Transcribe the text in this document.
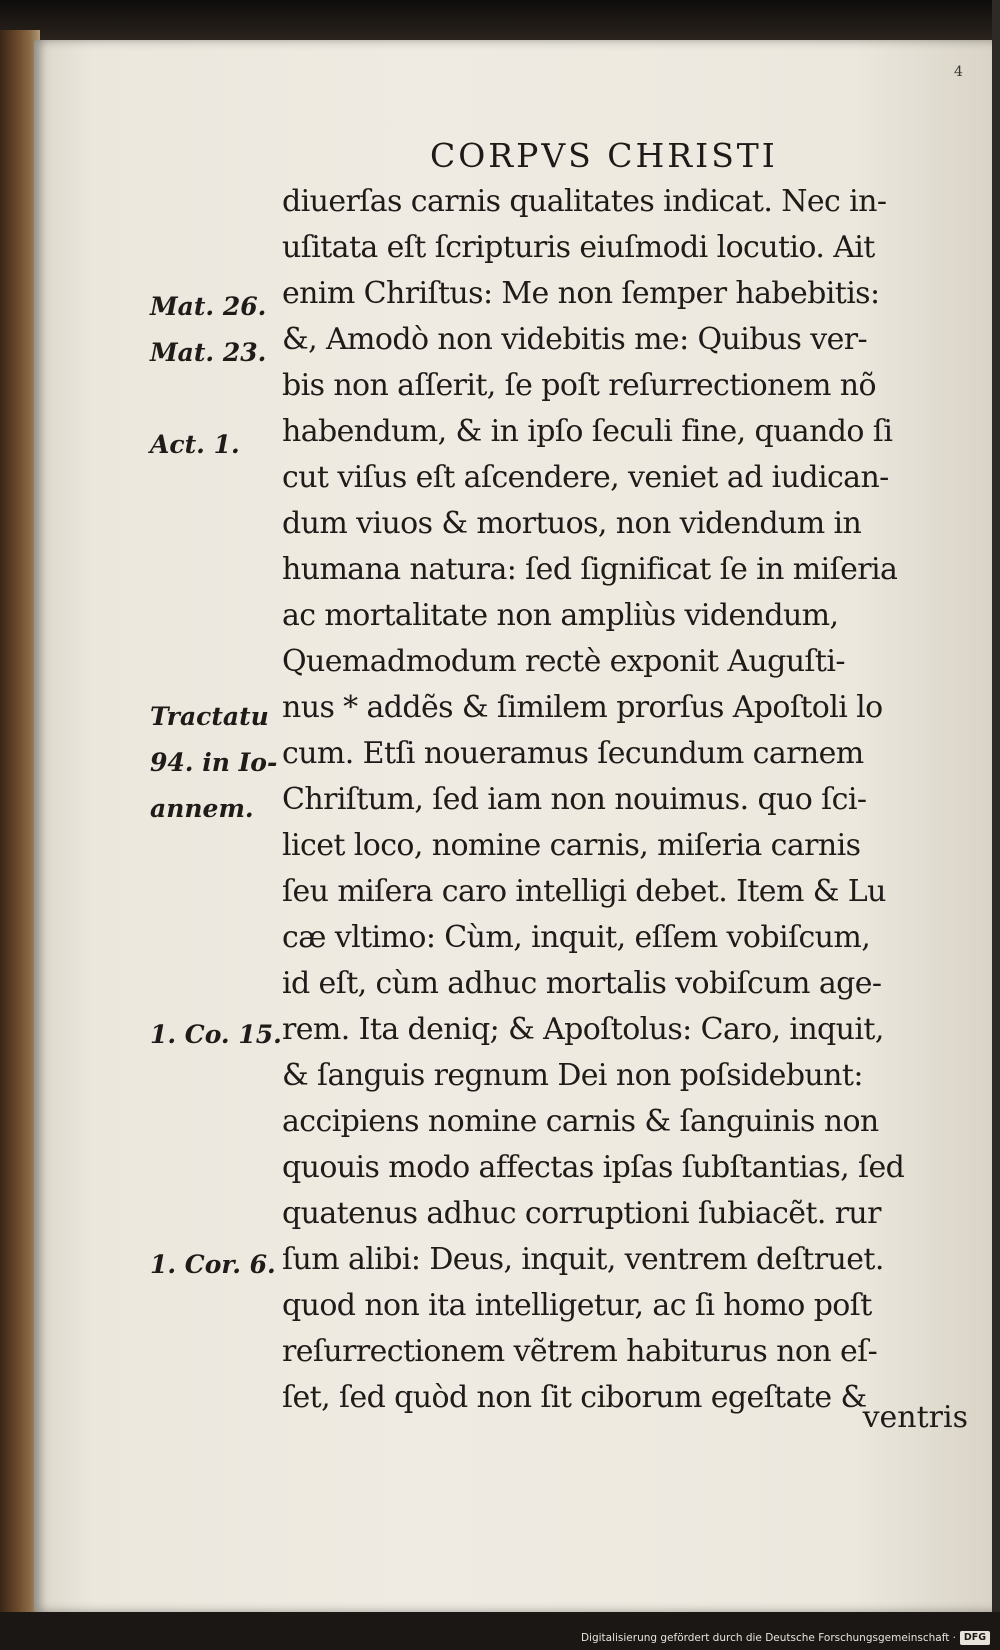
4
CORPVS CHRISTI
diuerſas carnis qualitates indicat. Nec in-
uſitata eſt ſcripturis eiuſmodi locutio. Ait
enim Chriſtus: Me non ſemper habebitis:
&, Amodò non videbitis me: Quibus ver-
bis non aſſerit, ſe poſt reſurrectionem nõ
habendum, & in ipſo ſeculi fine, quando ſi
cut viſus eſt aſcendere, veniet ad iudican-
dum viuos & mortuos, non videndum in
humana natura: ſed ſignificat ſe in miſeria
ac mortalitate non ampliùs videndum,
Quemadmodum rectè exponit Auguſti-
nus * addẽs & ſimilem prorſus Apoſtoli lo
cum. Etſi noueramus ſecundum carnem
Chriſtum, ſed iam non nouimus. quo ſci-
licet loco, nomine carnis, miſeria carnis
ſeu miſera caro intelligi debet. Item & Lu
cæ vltimo: Cùm, inquit, eſſem vobiſcum,
id eſt, cùm adhuc mortalis vobiſcum age-
rem. Ita deniq; & Apoſtolus: Caro, inquit,
& ſanguis regnum Dei non poſsidebunt:
accipiens nomine carnis & ſanguinis non
quouis modo affectas ipſas ſubſtantias, ſed
quatenus adhuc corruptioni ſubiacẽt. rur
ſum alibi: Deus, inquit, ventrem deſtruet.
quod non ita intelligetur, ac ſi homo poſt
reſurrectionem vẽtrem habiturus non eſ-
ſet, ſed quòd non ſit ciborum egeſtate &
Mat. 26.
Mat. 23.
Act. 1.
Tractatu
94. in Io-
annem.
1. Co. 15.
1. Cor. 6.
ventris
Digitalisierung gefördert durch die Deutsche Forschungsgemeinschaft · DFG
